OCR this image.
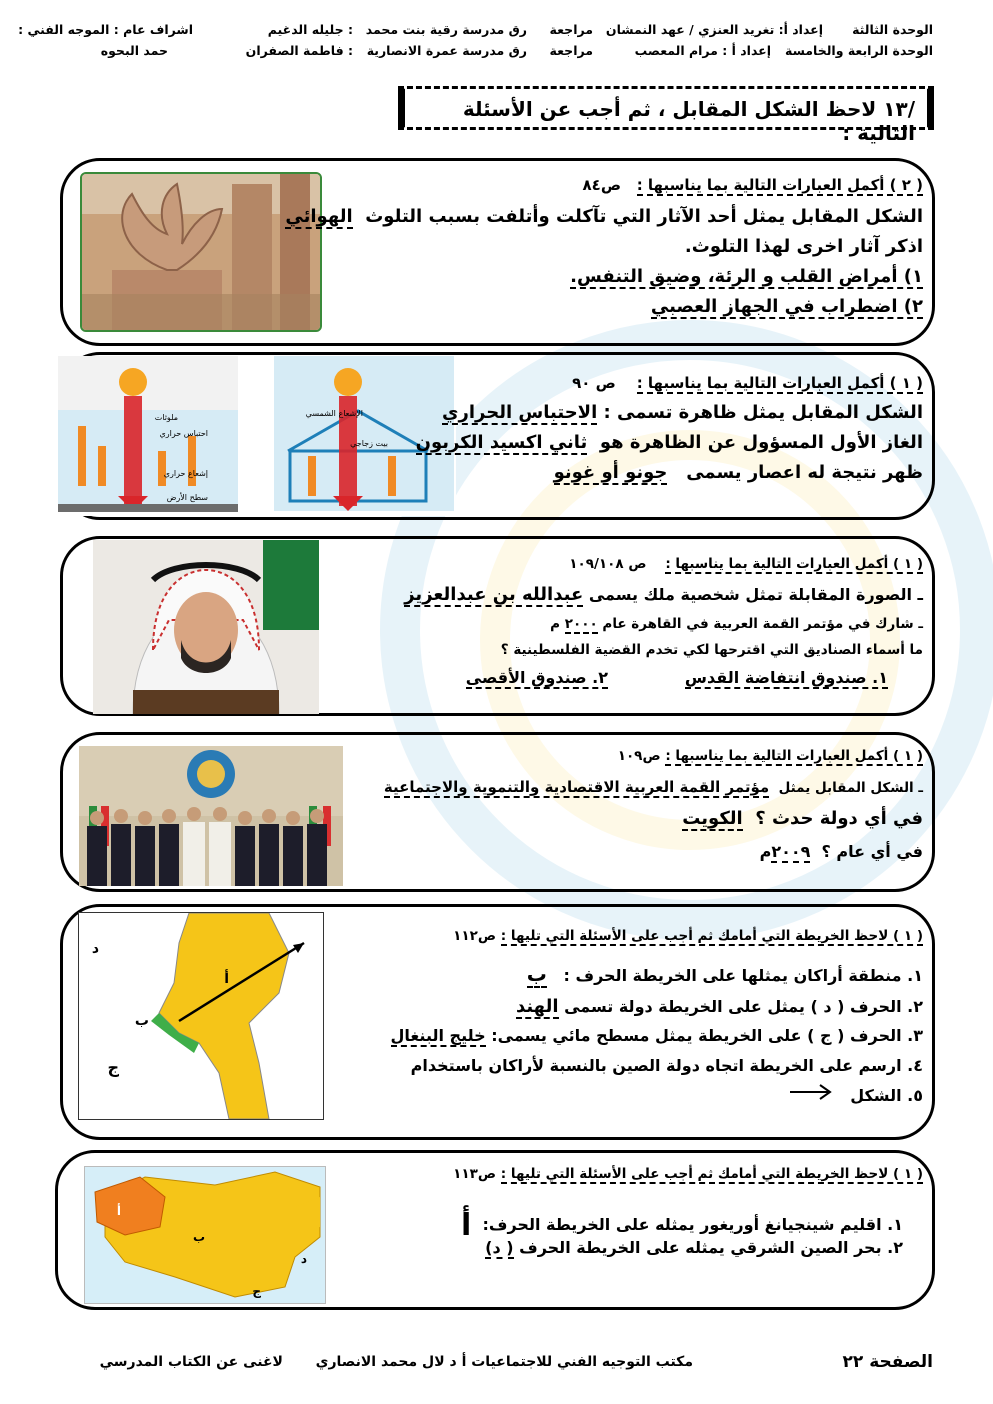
الوحدة الثالثة
إعداد أ: تغريد العنزي / عهد النمشان
مراجعة
رق مدرسة رقية بنت محمد
: جليله الدغيم
اشراف عام : الموجه الفني :
الوحدة الرابعة والخامسة
إعداد أ : مرام المعصب
مراجعة
رق مدرسة عمرة الانصارية
: فاطمة الصفران
حمد البحوه
/١٣ لاحظ الشكل المقابل ، ثم أجب عن الأسئلة التالية :
( ٢ ) أكمل العبارات التالية بما يناسبها :   ص٨٤
الشكل المقابل يمثل أحد الآثار التي تآكلت وأتلفت بسبب التلوث  الهوائي
اذكر آثار اخرى لهذا التلوث.
١) أمراض القلب و الرئة، وضيق التنفس.
٢) اضطراب في الجهاز العصبي
ملوثات
احتباس حراري
إشعاع حراري
سطح الأرض
الإشعاع الشمسي
بيت زجاجي
( ١ ) أكمل العبارات التالية بما يناسبها :    ص ٩٠
الشكل المقابل يمثل ظاهرة تسمى : الاحتباس الحراري
الغاز الأول المسؤول عن الظاهرة هو  ثاني اكسيد الكربون
ظهر نتيجة له اعصار يسمى   جونو أو غونو
( ١ ) أكمل العبارات التالية بما يناسبها :    ص ١٠٩/١٠٨
ـ الصورة المقابلة تمثل شخصية ملك يسمى عبدالله بن عبدالعزيز
ـ شارك في مؤتمر القمة العربية في القاهرة عام ٢٠٠٠ م
ما أسماء الصناديق التي اقترحها لكي تخدم القضية الفلسطينية ؟
١. صندوق انتفاضة القدس
٢. صندوق الأقصى
( ١ ) أكمل العبارات التالية بما يناسبها : ص١٠٩
ـ الشكل المقابل يمثل  مؤتمر القمة العربية الاقتصادية والتنموية والاجتماعية
في أي دولة حدث ؟  الكويت
في أي عام ؟  ٢٠٠٩م
د
أ
ب
ج
( ١ ) لاحظ الخريطة التي أمامك ثم أجب على الأسئلة التي تليها : ص١١٢
١. منطقة أراكان يمثلها على الخريطة الحرف :   ب
٢. الحرف ( د ) يمثل على الخريطة دولة تسمى الهند
٣. الحرف ( ج ) على الخريطة يمثل مسطح مائي يسمى: خليج البنغال
٤. ارسم على الخريطة اتجاه دولة الصين بالنسبة لأراكان باستخدام
٥. الشكل
أ
ب
د
ج
( ١ ) لاحظ الخريطة التي أمامك ثم أجب على الأسئلة التي تليها : ص١١٣
١. اقليم شينجيانغ أوريغور يمثله على الخريطة الحرف:  أ
٢. بحر الصين الشرقي يمثله على الخريطة الحرف ( د)
الصفحة ٢٢
مكتب التوجيه الفني للاجتماعيات أ د لال محمد الانصاري
لاغنى عن الكتاب المدرسي
